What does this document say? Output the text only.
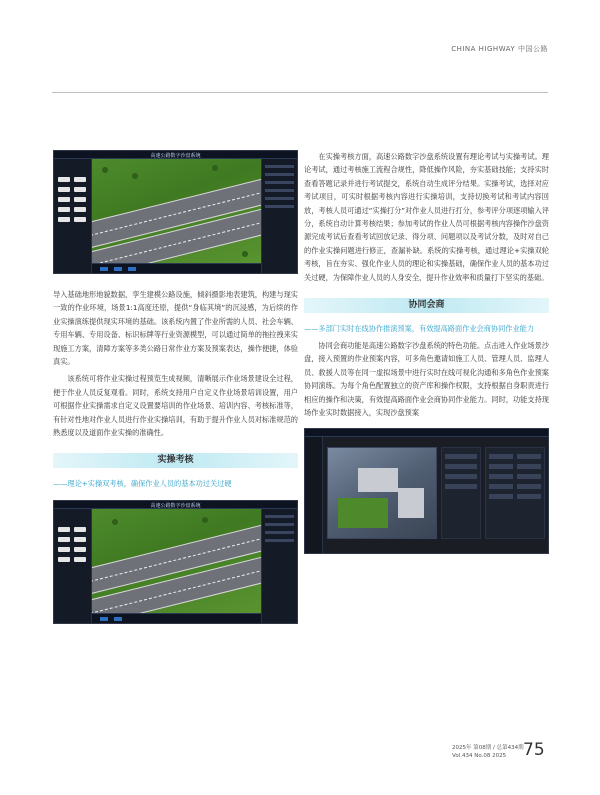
CHINA HIGHWAY 中国公路
高速公路数字沙盘系统

导入基础地形地貌数据，孪生建模公路设施，倾斜摄影地表建筑，构建与现实一致的作业环境，场景1:1高度还原，提供“身临其境”的沉浸感，为后续的作业实操演练提供现实环境的基础。该系统内置了作业所需的人员、社会车辆、专用车辆、专用设备、标识标牌等行业资源模型，可以通过简单的拖拉拽来实现施工方案，清障方案等多类公路日常作业方案及预案表达，操作便捷，体验真实。

该系统可将作业实操过程预览生成视频，清晰展示作业场景建设全过程，便于作业人员反复观看。同时，系统支持用户自定义作业场景培训设置，用户可根据作业实操需求自定义设置要培训的作业场景、培训内容、考核标准等，有针对性地对作业人员进行作业实操培训，有助于提升作业人员对标准规范的熟悉度以及道面作业实操的准确性。

实操考核
——理论+实操双考核，确保作业人员的基本功过关过硬
高速公路数字沙盘系统

在实操考核方面，高速公路数字沙盘系统设置有理论考试与实操考试。理论考试，通过考核施工流程合规性，降低操作风险，夯实基础技能；支持实时查看答题记录并进行考试提交，系统自动生成评分结果。实操考试，选择对应考试项目，可实时根据考核内容进行实操培训，支持切换考试和考试内容回放，考核人员可通过“实操打分”对作业人员进行打分，参考评分项逐项输入评分，系统自动计算考核结果；参加考试的作业人员可根据考核内容操作沙盘资源完成考试后查看考试回放记录、得分项、问题项以及考试分数，及时对自己的作业实操问题进行修正，查漏补缺。系统的实操考核，通过理论+实操双轮考核，旨在夯实、强化作业人员的理论和实操基础，确保作业人员的基本功过关过硬，为保障作业人员的人身安全，提升作业效率和质量打下坚实的基础。

协同会商
——多部门实时在线协作推演预案，有效提高路面作业会商协同作业能力

协同会商功能是高速公路数字沙盘系统的特色功能。点击进入作业场景沙盘，接入预置的作业预案内容，可多角色邀请如施工人员、管理人员、监理人员、救援人员等在同一虚拟场景中进行实时在线可视化沟通和多角色作业预案协同演练。为每个角色配置独立的资产库和操作权限，支持根据自身职责进行相应的操作和决策，有效提高路面作业会商协同作业能力。同时，功能支持现场作业实时数据接入，实现沙盘预案

2025年 第08期 / 总第434期
Vol.434 No.08 2025 75
